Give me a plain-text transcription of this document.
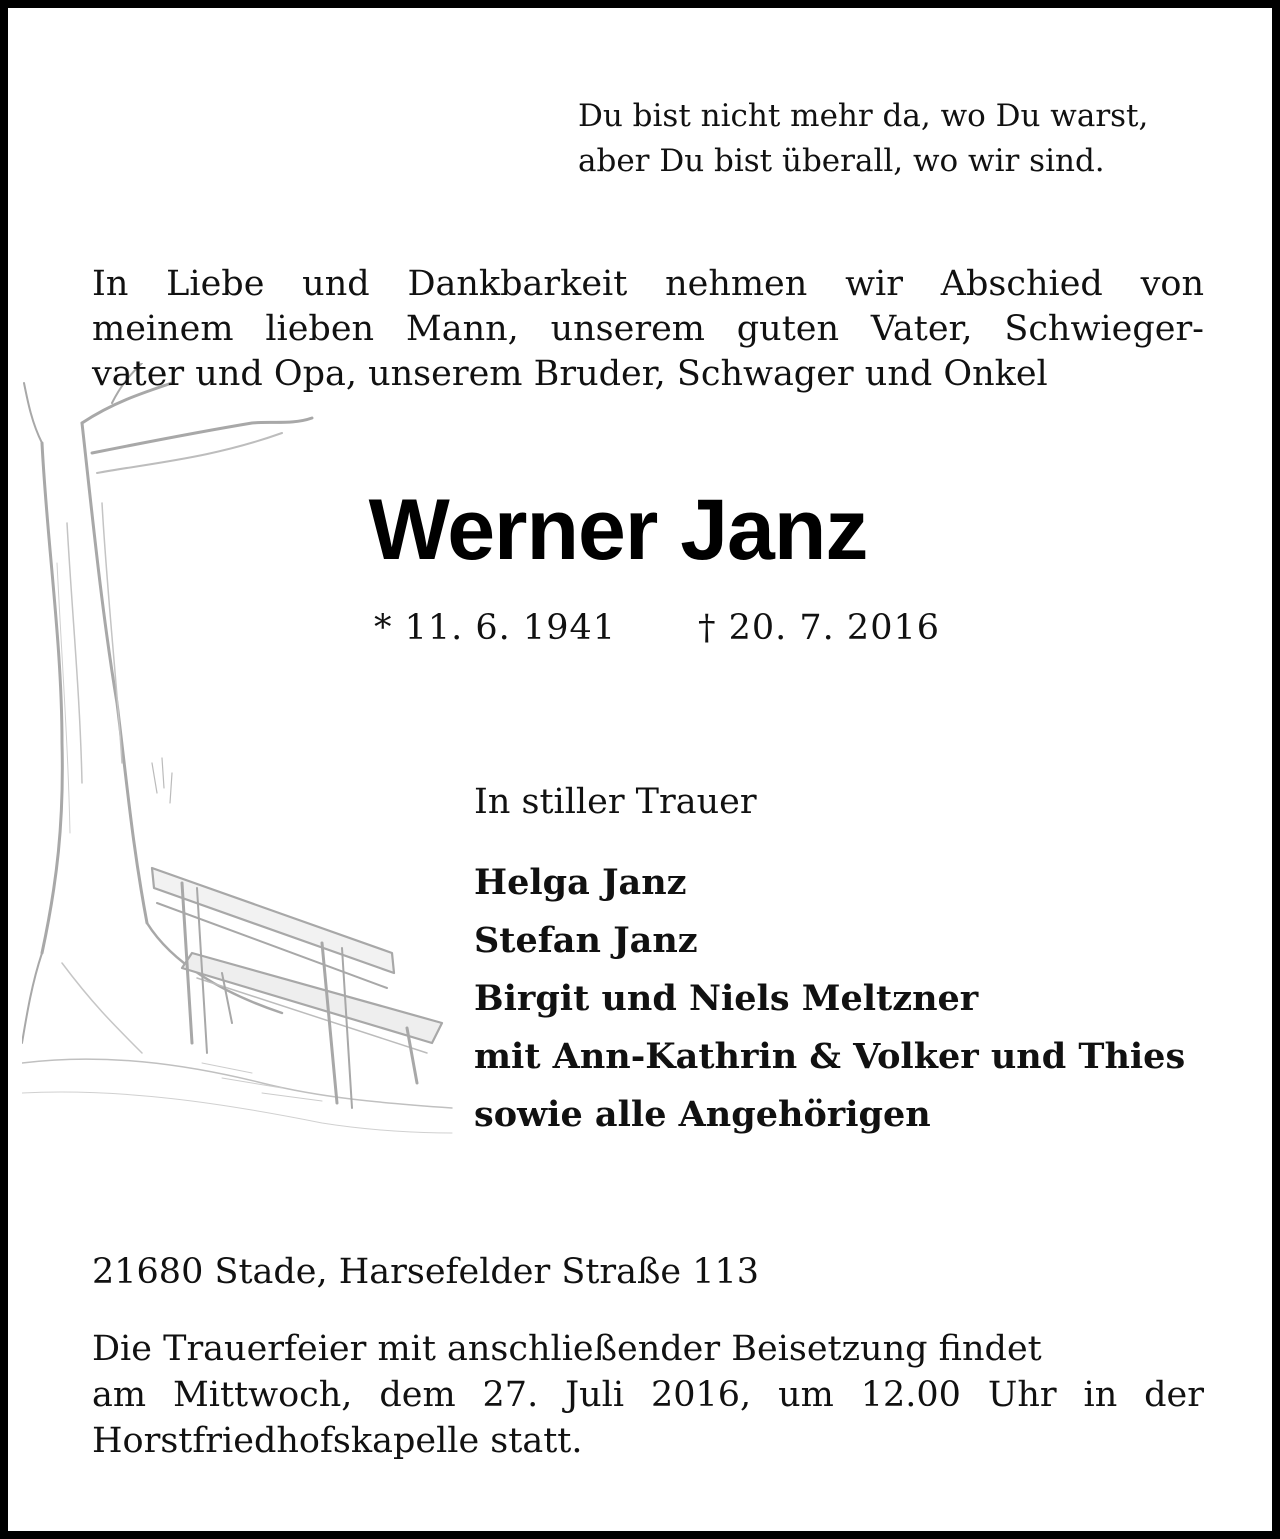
Du bist nicht mehr da, wo Du warst,
aber Du bist überall, wo wir sind.
In Liebe und Dankbarkeit nehmen wir Abschied von
meinem lieben Mann, unserem guten Vater, Schwieger-
vater und Opa, unserem Bruder, Schwager und Onkel
Werner Janz
* 11. 6. 1941 † 20. 7. 2016
In stiller Trauer
Helga Janz
Stefan Janz
Birgit und Niels Meltzner
mit Ann-Kathrin & Volker und Thies
sowie alle Angehörigen
21680 Stade, Harsefelder Straße 113
Die Trauerfeier mit anschließender Beisetzung findet
am Mittwoch, dem 27. Juli 2016, um 12.00 Uhr in der
Horstfriedhofskapelle statt.
